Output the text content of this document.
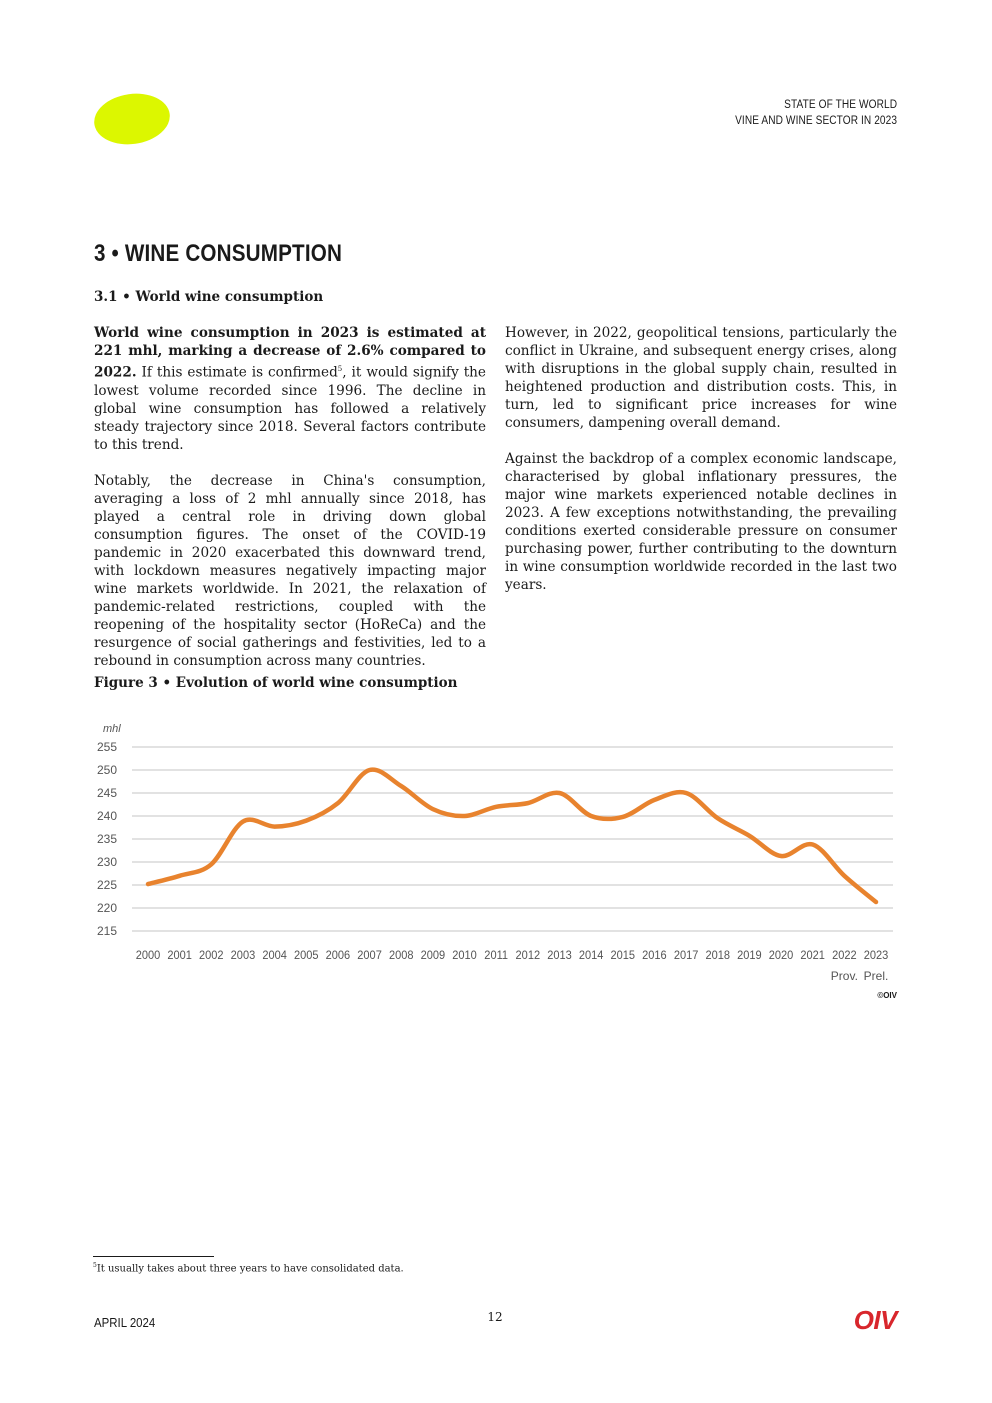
STATE OF THE WORLD
VINE AND WINE SECTOR IN 2023
3 • WINE CONSUMPTION
3.1 • World wine consumption

World wine consumption in 2023 is estimated at 221 mhl, marking a decrease of 2.6% compared to 2022. If this estimate is confirmed$^5$, it would signify the lowest volume recorded since 1996. The decline in global wine consumption has followed a relatively steady trajectory since 2018. Several factors contribute to this trend.

Notably, the decrease in China's consumption, averaging a loss of 2 mhl annually since 2018, has played a central role in driving down global consumption figures. The onset of the COVID-19 pandemic in 2020 exacerbated this downward trend, with lockdown measures negatively impacting major wine markets worldwide. In 2021, the relaxation of pandemic-related restrictions, coupled with the reopening of the hospitality sector (HoReCa) and the resurgence of social gatherings and festivities, led to a rebound in consumption across many countries.

However, in 2022, geopolitical tensions, particularly the conflict in Ukraine, and subsequent energy crises, along with disruptions in the global supply chain, resulted in heightened production and distribution costs. This, in turn, led to significant price increases for wine consumers, dampening overall demand.

Against the backdrop of a complex economic landscape, characterised by global inflationary pressures, the major wine markets experienced notable declines in 2023. A few exceptions notwithstanding, the prevailing conditions exerted considerable pressure on consumer purchasing power, further contributing to the downturn in wine consumption worldwide recorded in the last two years.

Figure 3 • Evolution of world wine consumption
mhl
255
250
245
240
235
230
225
220
215
2000 2001 2002 2003 2004 2005 2006 2007 2008 2009 2010 2011 2012 2013 2014 2015 2016 2017 2018 2019 2020 2021 2022
Prov.
2023
Prel.
©OIV
$^5$It usually takes about three years to have consolidated data.
APRIL 2024	12	OIV
